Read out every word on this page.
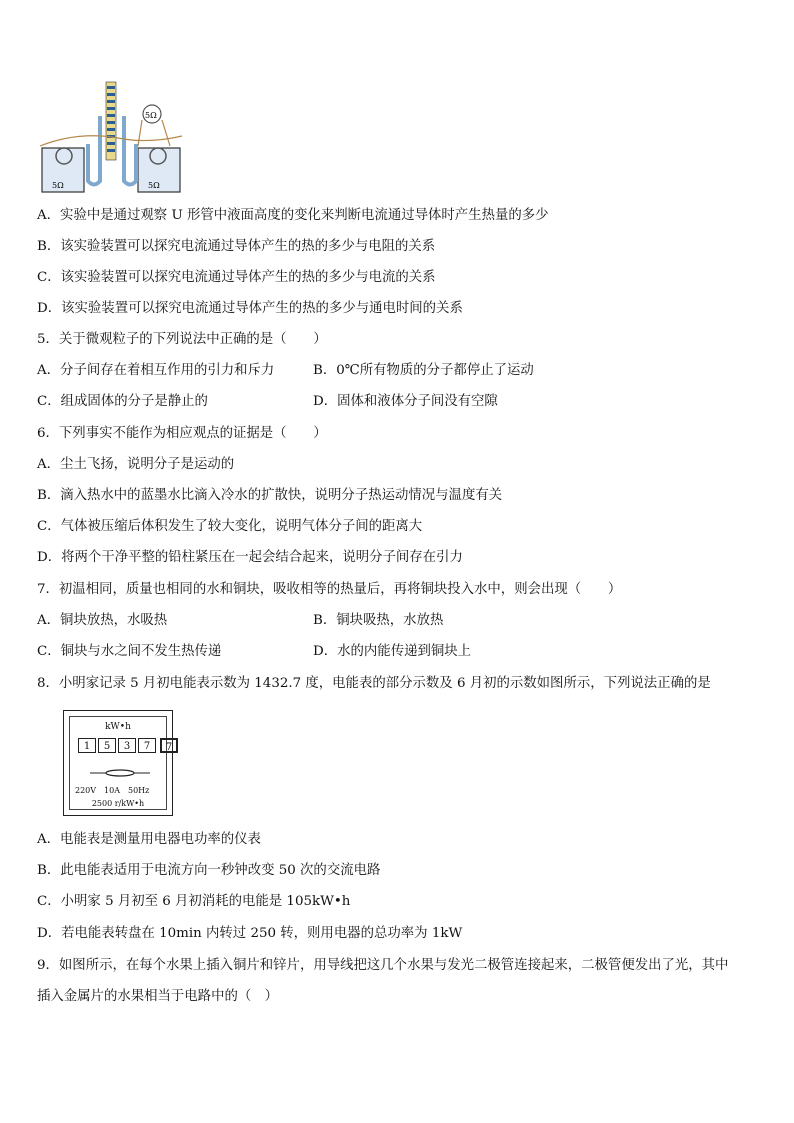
5Ω
5Ω	5Ω
A．实验中是通过观察 U 形管中液面高度的变化来判断电流通过导体时产生热量的多少
B．该实验装置可以探究电流通过导体产生的热的多少与电阻的关系
C．该实验装置可以探究电流通过导体产生的热的多少与电流的关系
D．该实验装置可以探究电流通过导体产生的热的多少与通电时间的关系
5．关于微观粒子的下列说法中正确的是（　　）
A．分子间存在着相互作用的引力和斥力	B．0℃所有物质的分子都停止了运动
C．组成固体的分子是静止的	D．固体和液体分子间没有空隙
6．下列事实不能作为相应观点的证据是（　　）
A．尘土飞扬，说明分子是运动的
B．滴入热水中的蓝墨水比滴入冷水的扩散快，说明分子热运动情况与温度有关
C．气体被压缩后体积发生了较大变化，说明气体分子间的距离大
D．将两个干净平整的铅柱紧压在一起会结合起来，说明分子间存在引力
7．初温相同，质量也相同的水和铜块，吸收相等的热量后，再将铜块投入水中，则会出现（　　）
A．铜块放热，水吸热	B．铜块吸热，水放热
C．铜块与水之间不发生热传递	D．水的内能传递到铜块上
8．小明家记录 5 月初电能表示数为 1432.7 度，电能表的部分示数及 6 月初的示数如图所示，下列说法正确的是
kW•h
1	5	3	7	7
220V　10A　50Hz
2500 r/kW•h
A．电能表是测量用电器电功率的仪表
B．此电能表适用于电流方向一秒钟改变 50 次的交流电路
C．小明家 5 月初至 6 月初消耗的电能是 105kW•h
D．若电能表转盘在 10min 内转过 250 转，则用电器的总功率为 1kW
9．如图所示，在每个水果上插入铜片和锌片，用导线把这几个水果与发光二极管连接起来，二极管便发出了光，其中
插入金属片的水果相当于电路中的（　）
